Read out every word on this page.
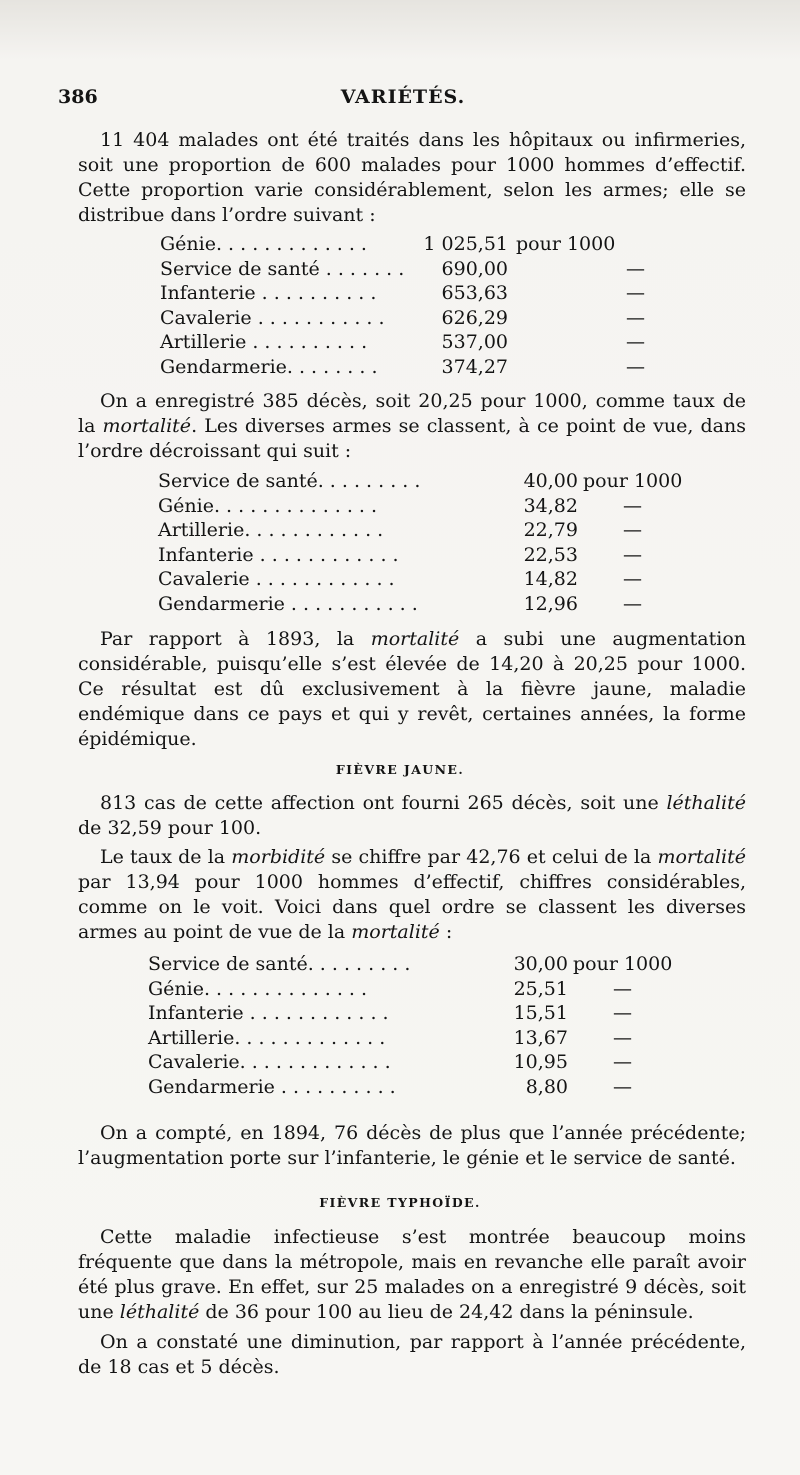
386	VARIÉTÉS.

11 404 malades ont été traités dans les hôpitaux ou infirmeries, soit une proportion de 600 malades pour 1000 hommes d’effectif. Cette proportion varie considérablement, selon les armes; elle se distribue dans l’ordre suivant :

Génie. . . . . . . . . . . . .	1 025,51 pour 1000
Service de santé . . . . . . . 690,00	—
Infanterie . . . . . . . . . .	653,63	—
Cavalerie . . . . . . . . . . .	626,29	—
Artillerie . . . . . . . . . .	537,00	—
Gendarmerie. . . . . . . .	374,27	—

On a enregistré 385 décès, soit 20,25 pour 1000, comme taux de la mortalité. Les diverses armes se classent, à ce point de vue, dans l’ordre décroissant qui suit :

Service de santé. . . . . . . . .	40,00 pour 1000
Génie. . . . . . . . . . . . . .	34,82 —
Artillerie. . . . . . . . . . . .	22,79 —
Infanterie . . . . . . . . . . . .	22,53 —
Cavalerie . . . . . . . . . . . .	14,82 —
Gendarmerie . . . . . . . . . . .	12,96 —

Par rapport à 1893, la mortalité a subi une augmentation considérable, puisqu’elle s’est élevée de 14,20 à 20,25 pour 1000. Ce résultat est dû exclusivement à la fièvre jaune, maladie endémique dans ce pays et qui y revêt, certaines années, la forme épidémique.

FIÈVRE JAUNE.

813 cas de cette affection ont fourni 265 décès, soit une léthalité de 32,59 pour 100.

Le taux de la morbidité se chiffre par 42,76 et celui de la mortalité par 13,94 pour 1000 hommes d’effectif, chiffres considérables, comme on le voit. Voici dans quel ordre se classent les diverses armes au point de vue de la mortalité :

Service de santé. . . . . . . . .	30,00 pour 1000
Génie. . . . . . . . . . . . . .	25,51 —
Infanterie . . . . . . . . . . . .	15,51 —
Artillerie. . . . . . . . . . . . .	13,67 —
Cavalerie. . . . . . . . . . . . .	10,95 —
Gendarmerie . . . . . . . . . .	8,80 —

On a compté, en 1894, 76 décès de plus que l’année précédente; l’augmentation porte sur l’infanterie, le génie et le service de santé.

FIÈVRE TYPHOÏDE.

Cette maladie infectieuse s’est montrée beaucoup moins fréquente que dans la métropole, mais en revanche elle paraît avoir été plus grave. En effet, sur 25 malades on a enregistré 9 décès, soit une léthalité de 36 pour 100 au lieu de 24,42 dans la péninsule.

On a constaté une diminution, par rapport à l’année précédente, de 18 cas et 5 décès.
